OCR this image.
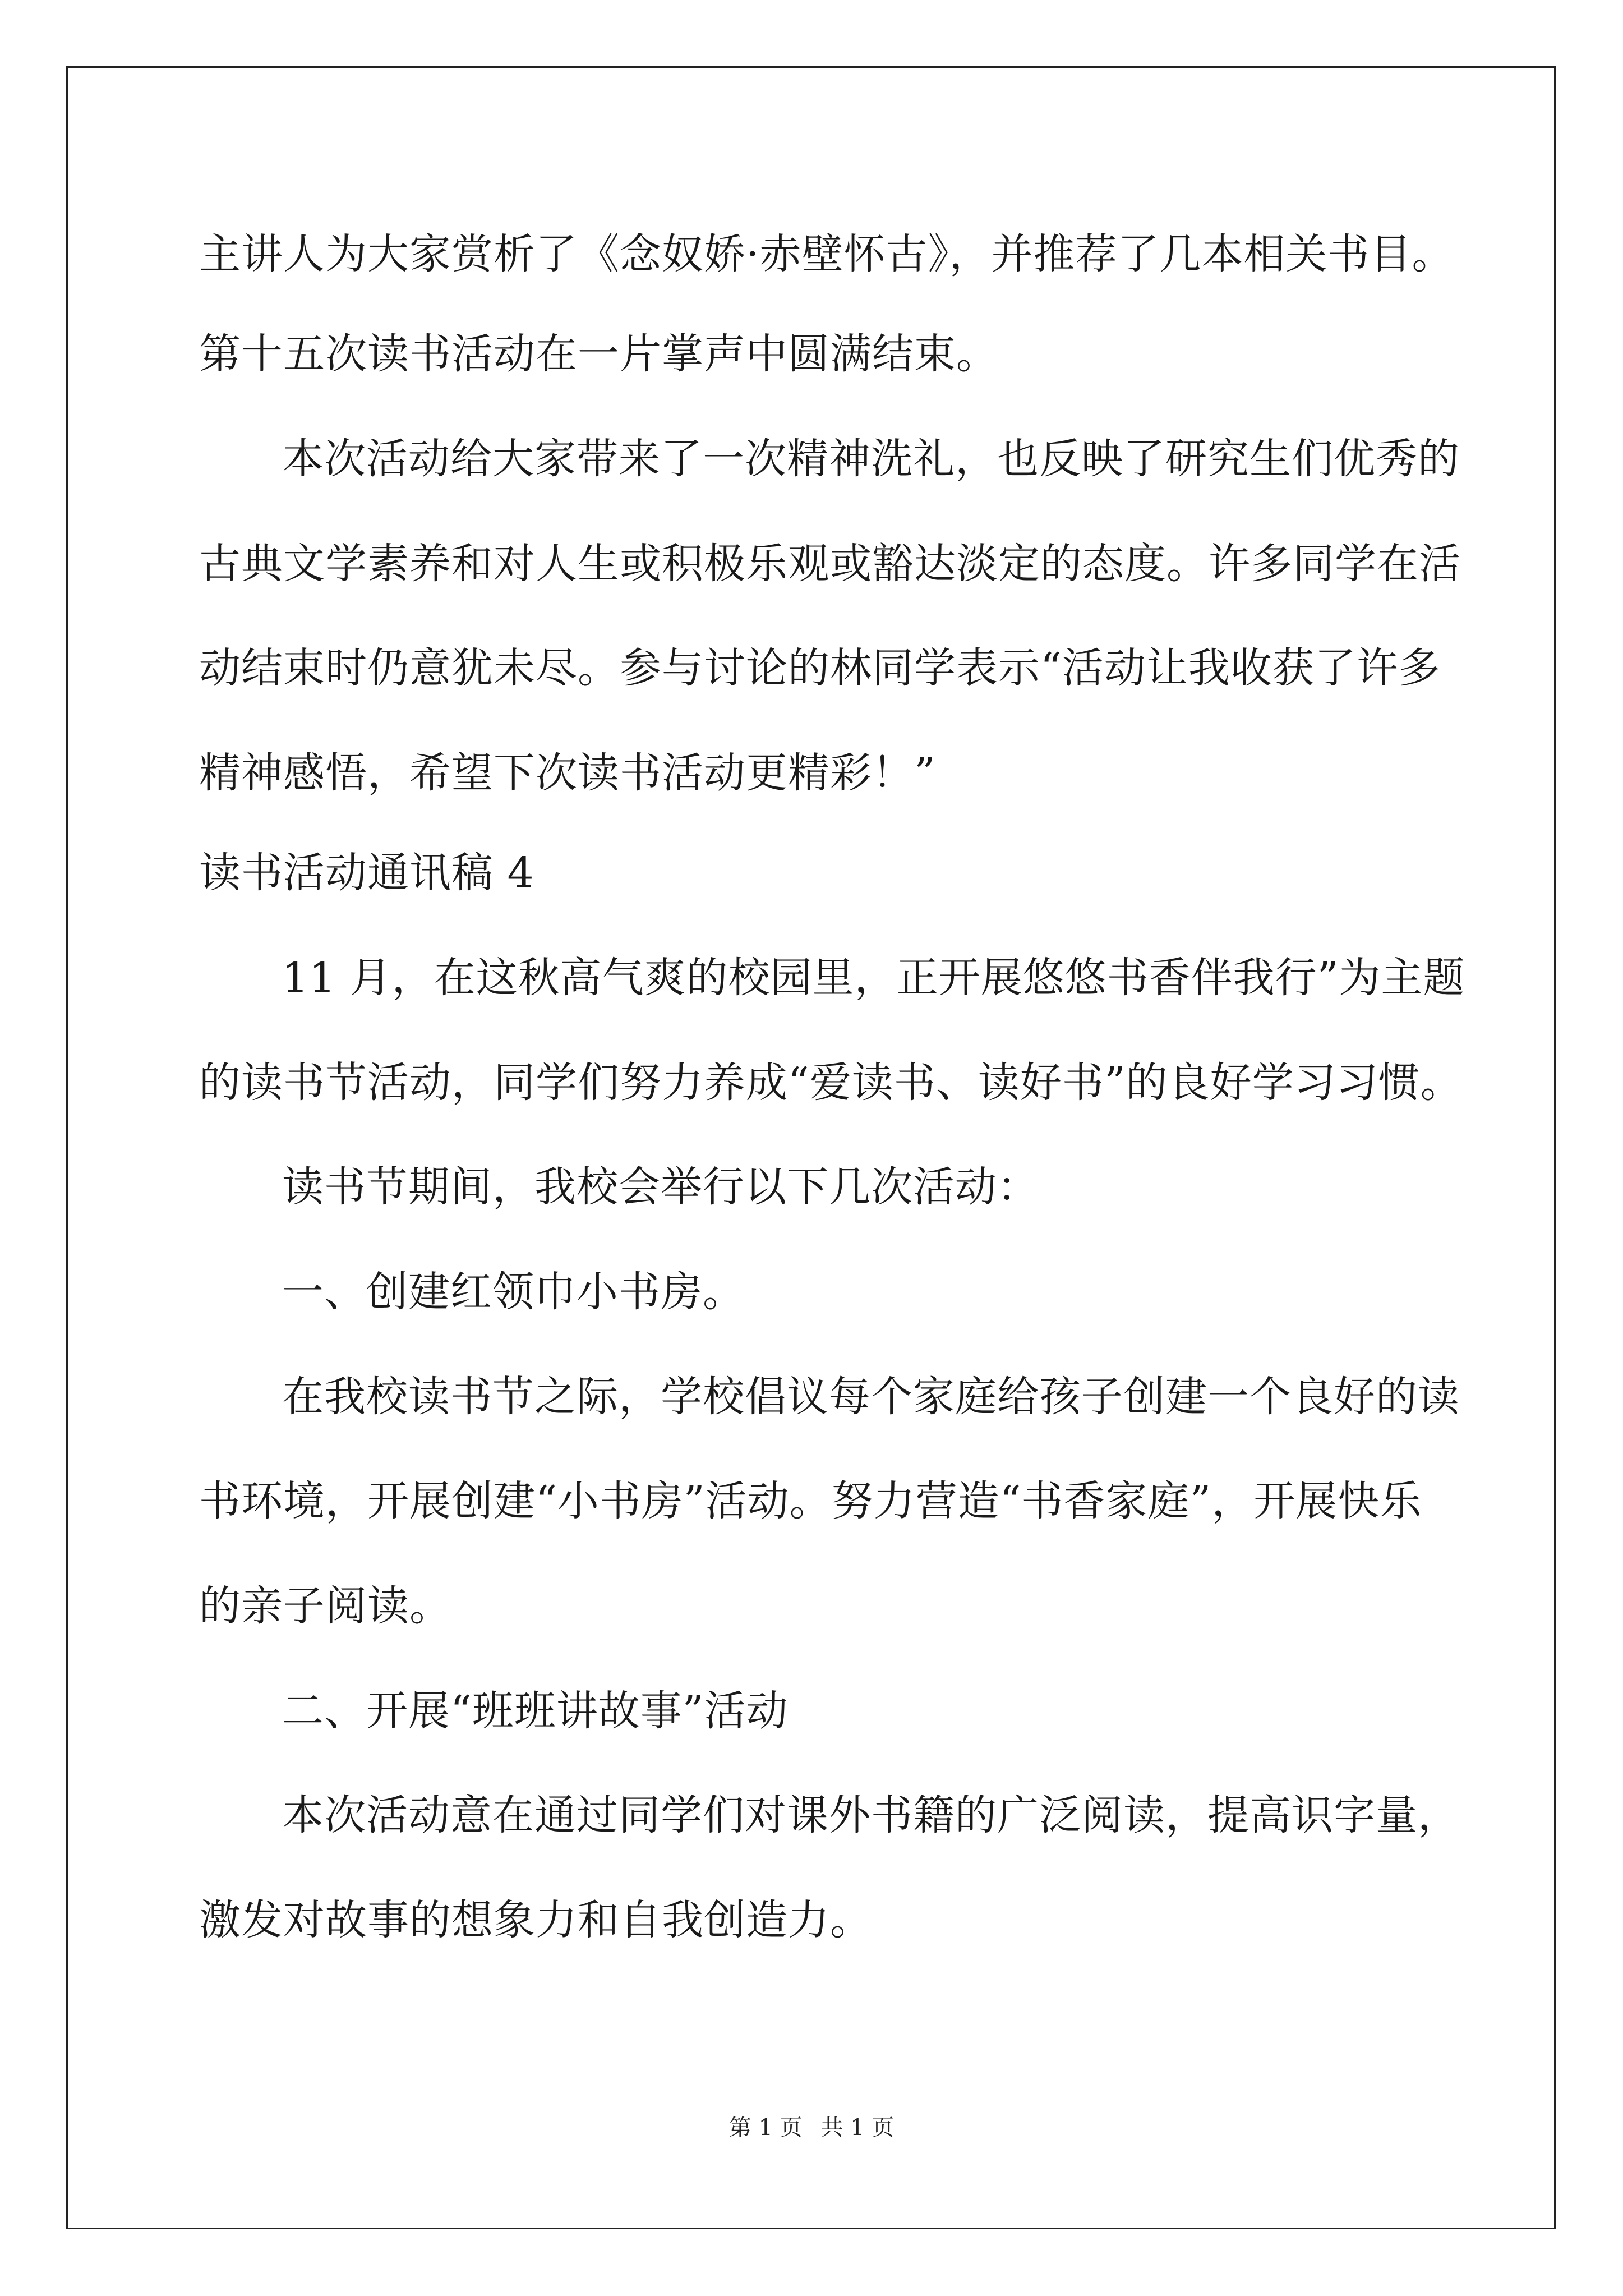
主讲人为大家赏析了《念奴娇·赤壁怀古》，并推荐了几本相关书目。
第十五次读书活动在一片掌声中圆满结束。
本次活动给大家带来了一次精神洗礼，也反映了研究生们优秀的
古典文学素养和对人生或积极乐观或豁达淡定的态度。许多同学在活
动结束时仍意犹未尽。参与讨论的林同学表示“活动让我收获了许多
精神感悟，希望下次读书活动更精彩！”
读书活动通讯稿 4
11 月，在这秋高气爽的校园里，正开展悠悠书香伴我行”为主题
的读书节活动，同学们努力养成“爱读书、读好书”的良好学习习惯。
读书节期间，我校会举行以下几次活动：
一、创建红领巾小书房。
在我校读书节之际，学校倡议每个家庭给孩子创建一个良好的读
书环境，开展创建“小书房”活动。努力营造“书香家庭”，开展快乐
的亲子阅读。
二、开展“班班讲故事”活动
本次活动意在通过同学们对课外书籍的广泛阅读，提高识字量，
激发对故事的想象力和自我创造力。
第 1 页 共 1 页
